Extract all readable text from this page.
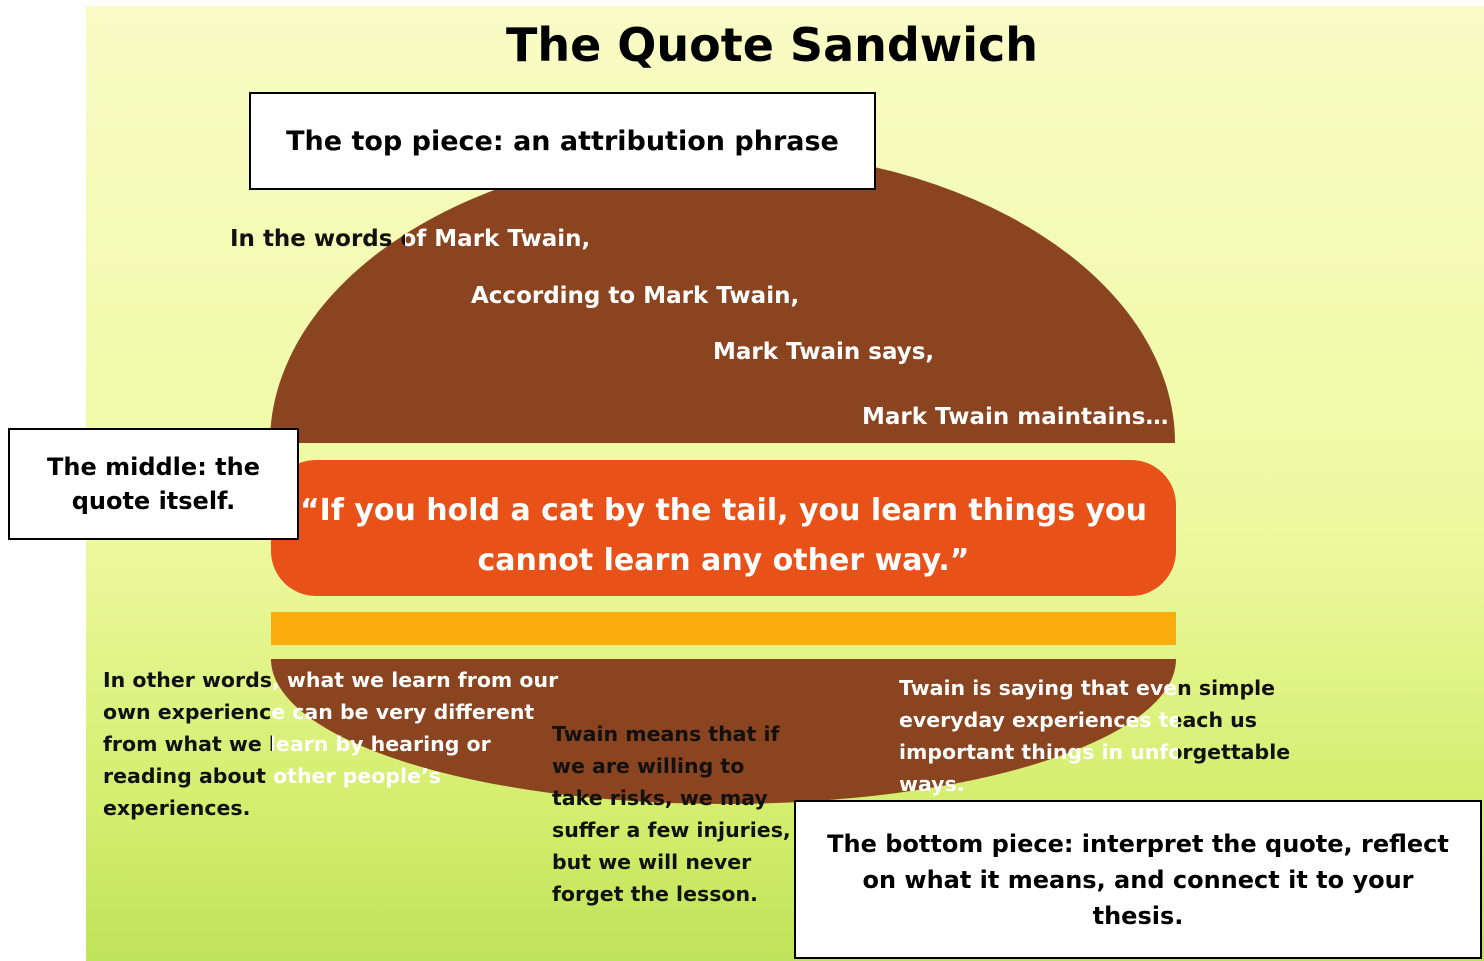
The Quote Sandwich
The top piece: an attribution phrase
In the words of Mark Twain,
According to Mark Twain,
Mark Twain says,
Mark Twain maintains…
The middle: the quote itself.	“If you hold a cat by the tail, you learn things you cannot learn any other way.”
In other words, what we learn from our own experience can be very different from what we learn by hearing or reading about other people’s experiences.
Twain means that if we are willing to take risks, we may suffer a few injuries, but we will never forget the lesson.
Twain is saying that even simple everyday experiences teach us important things in unforgettable ways.
The bottom piece: interpret the quote, reflect on what it means, and connect it to your thesis.
